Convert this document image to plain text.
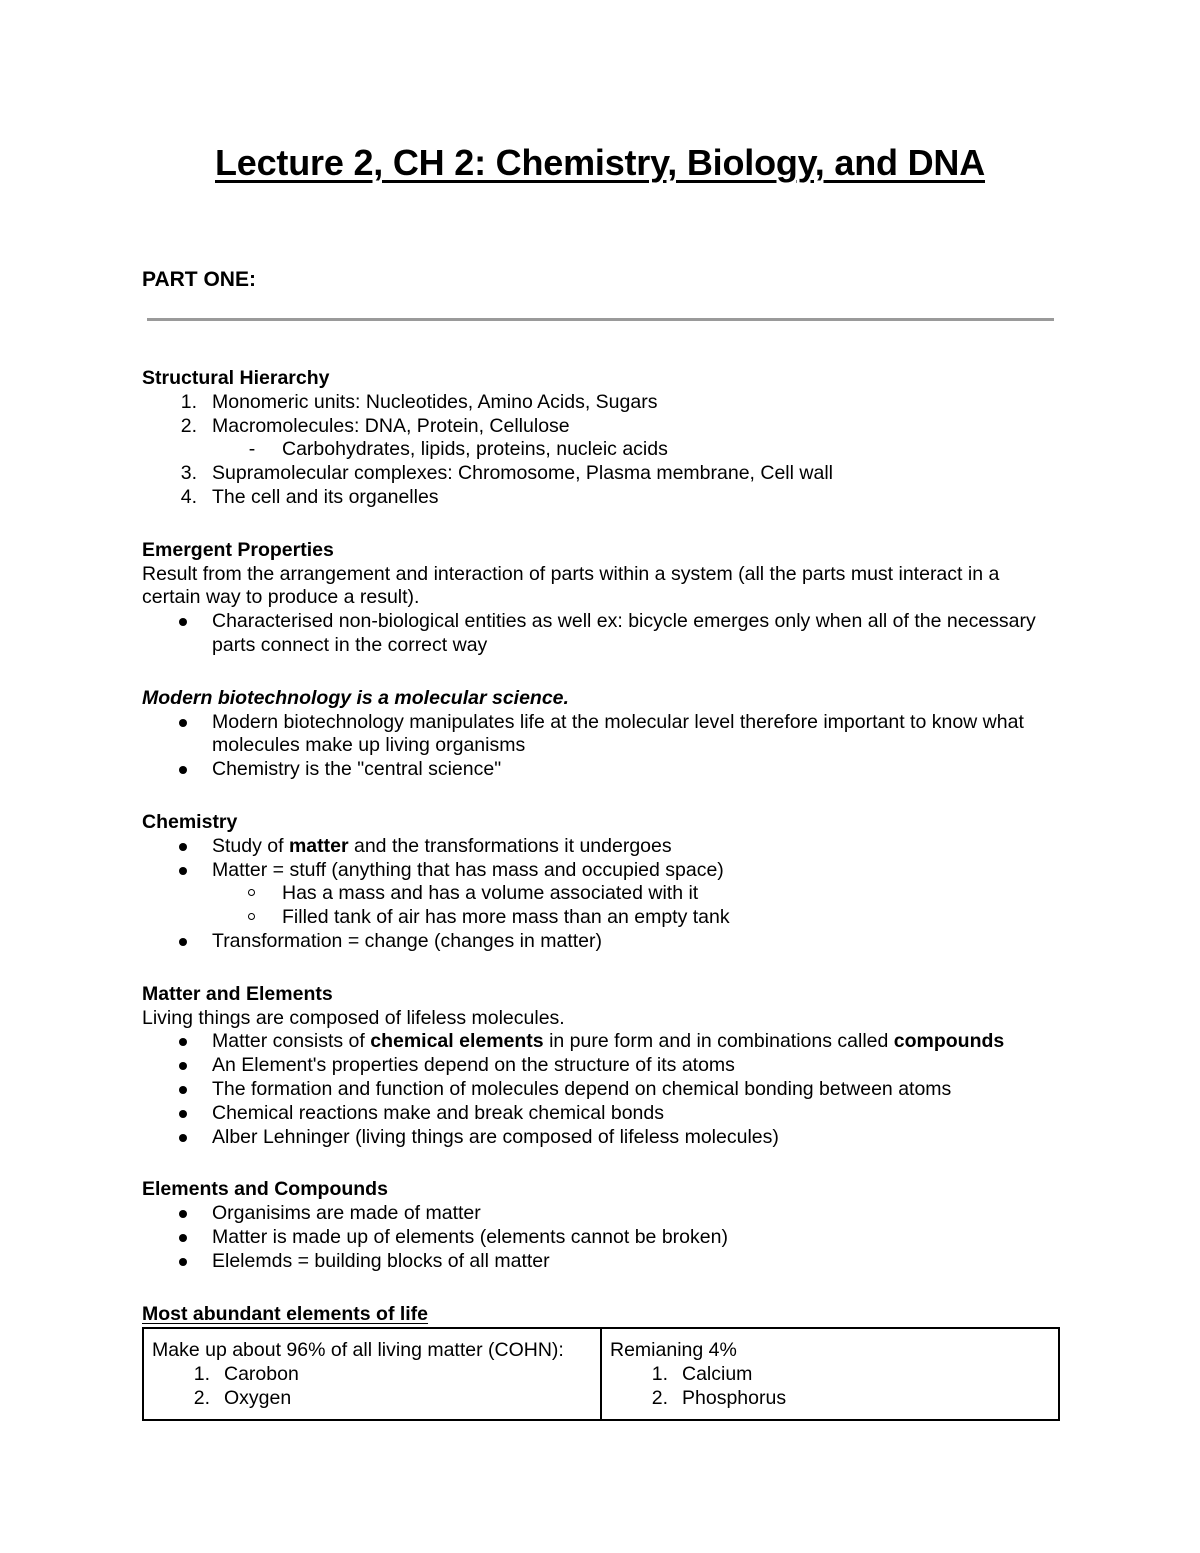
Lecture 2, CH 2: Chemistry, Biology, and DNA
PART ONE:
Structural Hierarchy
1. Monomeric units: Nucleotides, Amino Acids, Sugars
2. Macromolecules: DNA, Protein, Cellulose
-	Carbohydrates, lipids, proteins, nucleic acids
3. Supramolecular complexes: Chromosome, Plasma membrane, Cell wall
4. The cell and its organelles
Emergent Properties
Result from the arrangement and interaction of parts within a system (all the parts must interact in a certain way to produce a result).
Characterised non-biological entities as well ex: bicycle emerges only when all of the necessary parts connect in the correct way
Modern biotechnology is a molecular science.
Modern biotechnology manipulates life at the molecular level therefore important to know what molecules make up living organisms
Chemistry is the "central science"
Chemistry
Study of matter and the transformations it undergoes
Matter = stuff (anything that has mass and occupied space)
Has a mass and has a volume associated with it
Filled tank of air has more mass than an empty tank
Transformation = change (changes in matter)
Matter and Elements
Living things are composed of lifeless molecules.
Matter consists of chemical elements in pure form and in combinations called compounds
An Element's properties depend on the structure of its atoms
The formation and function of molecules depend on chemical bonding between atoms
Chemical reactions make and break chemical bonds
Alber Lehninger (living things are composed of lifeless molecules)
Elements and Compounds
Organisims are made of matter
Matter is made up of elements (elements cannot be broken)
Elelemds = building blocks of all matter
Most abundant elements of life
Make up about 96% of all living matter (COHN):
1. Carobon
2. Oxygen

Remianing 4%
1. Calcium
2. Phosphorus
